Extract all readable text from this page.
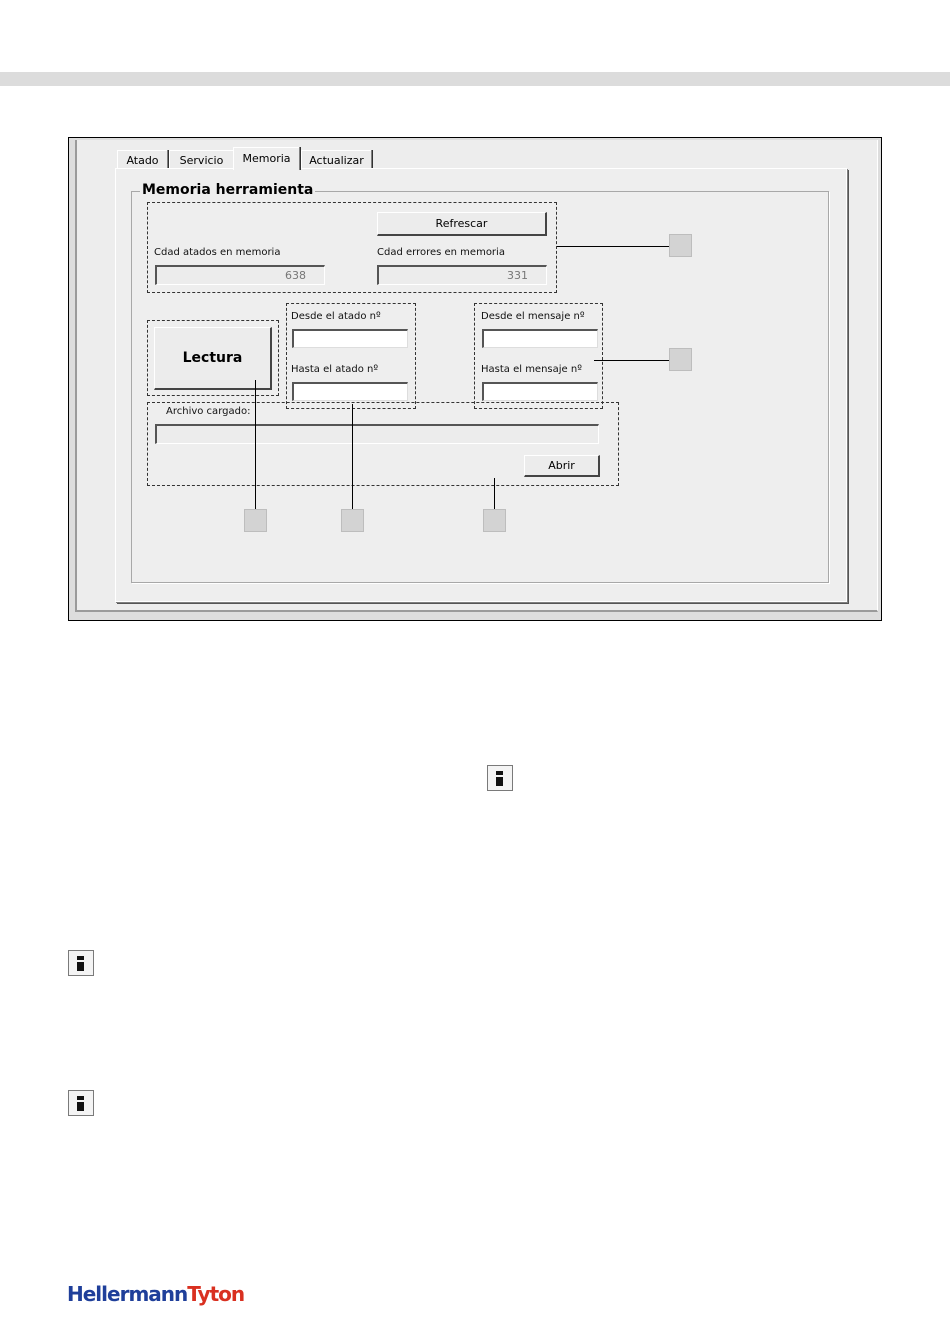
Atado	Servicio	Memoria	Actualizar
Memoria herramienta
Refrescar
Cdad atados en memoria
638
Cdad errores en memoria
331
Lectura
Desde el atado nº
Hasta el atado nº
Desde el mensaje nº
Hasta el mensaje nº
Archivo cargado:
Abrir
HellermannTyton
